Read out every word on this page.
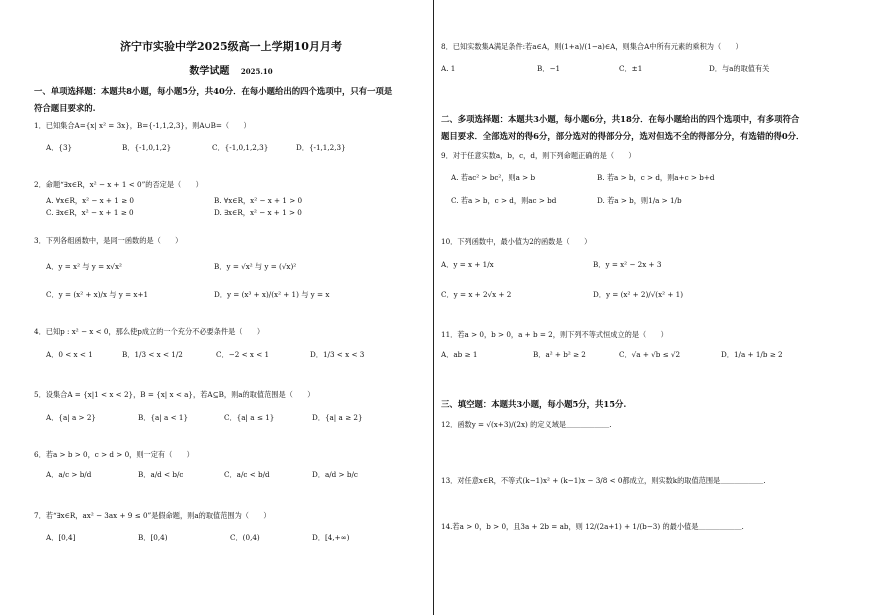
济宁市实验中学2025级高一上学期10月月考
数学试题 2025.10
一、单项选择题：本题共8小题，每小题5分，共40分．在每小题给出的四个选项中，只有一项是
符合题目要求的.
1．已知集合A={x| x² = 3x}，B={-1,1,2,3}，则A∪B=（　　）
A．{3}	B．{-1,0,1,2}	C．{-1,0,1,2,3}	D．{-1,1,2,3}
2．命题“∃x∈R，x² − x + 1 < 0”的否定是（　　）
A. ∀x∈R，x² − x + 1 ≥ 0	B. ∀x∈R，x² − x + 1 > 0
C. ∃x∈R，x² − x + 1 ≥ 0	D. ∃x∈R，x² − x + 1 > 0
3．下列各组函数中，是同一函数的是（　　）
A．y = x² 与 y = x√x²	B．y = √x² 与 y = (√x)²
C．y = (x² + x)/x 与 y = x+1	D．y = (x³ + x)/(x² + 1) 与 y = x
4．已知p : x² − x < 0，那么使p成立的一个充分不必要条件是（　　）
A．0 < x < 1	B．1/3 < x < 1/2	C．−2 < x < 1	D．1/3 < x < 3
5．设集合A = {x|1 < x < 2}，B = {x| x < a}，若A⊆B，则a的取值范围是（　　）
A．{a| a > 2}	B．{a| a < 1}	C．{a| a ≤ 1}	D．{a| a ≥ 2}
6．若a > b > 0，c > d > 0，则一定有（　　）
A．a/c > b/d	B．a/d < b/c	C．a/c < b/d	D．a/d > b/c
7．若“∃x∈R，ax² − 3ax + 9 ≤ 0”是假命题，则a的取值范围为（　　）
A．[0,4]	B．[0,4)	C．(0,4)	D．[4,+∞)
8．已知实数集A满足条件:若a∈A，则(1+a)/(1−a)∈A，则集合A中所有元素的乘积为（　　）
A. 1	B．−1	C．±1	D．与a的取值有关
二、多项选择题：本题共3小题，每小题6分，共18分．在每小题给出的四个选项中，有多项符合
题目要求．全部选对的得6分，部分选对的得部分分，选对但选不全的得部分分，有选错的得0分．
9．对于任意实数a，b，c，d，则下列命题正确的是（　　）
A. 若ac² > bc²，则a > b	B. 若a > b，c > d，则a+c > b+d
C. 若a > b，c > d，则ac > bd	D. 若a > b，则1/a > 1/b
10．下列函数中，最小值为2的函数是（　　）
A．y = x + 1/x	B．y = x² − 2x + 3
C．y = x + 2√x + 2	D．y = (x² + 2)/√(x² + 1)
11．若a > 0，b > 0，a + b = 2，则下列不等式恒成立的是（　　）
A．ab ≥ 1	B．a² + b² ≥ 2	C．√a + √b ≤ √2	D．1/a + 1/b ≥ 2
三、填空题：本题共3小题，每小题5分，共15分.
12．函数y = √(x+3)/(2x) 的定义域是＿＿＿＿＿＿.
13．对任意x∈R，不等式(k−1)x² + (k−1)x − 3/8 < 0都成立，则实数k的取值范围是＿＿＿＿＿＿.
14.若a > 0，b > 0，且3a + 2b = ab，则 12/(2a+1) + 1/(b−3) 的最小值是＿＿＿＿＿＿.
